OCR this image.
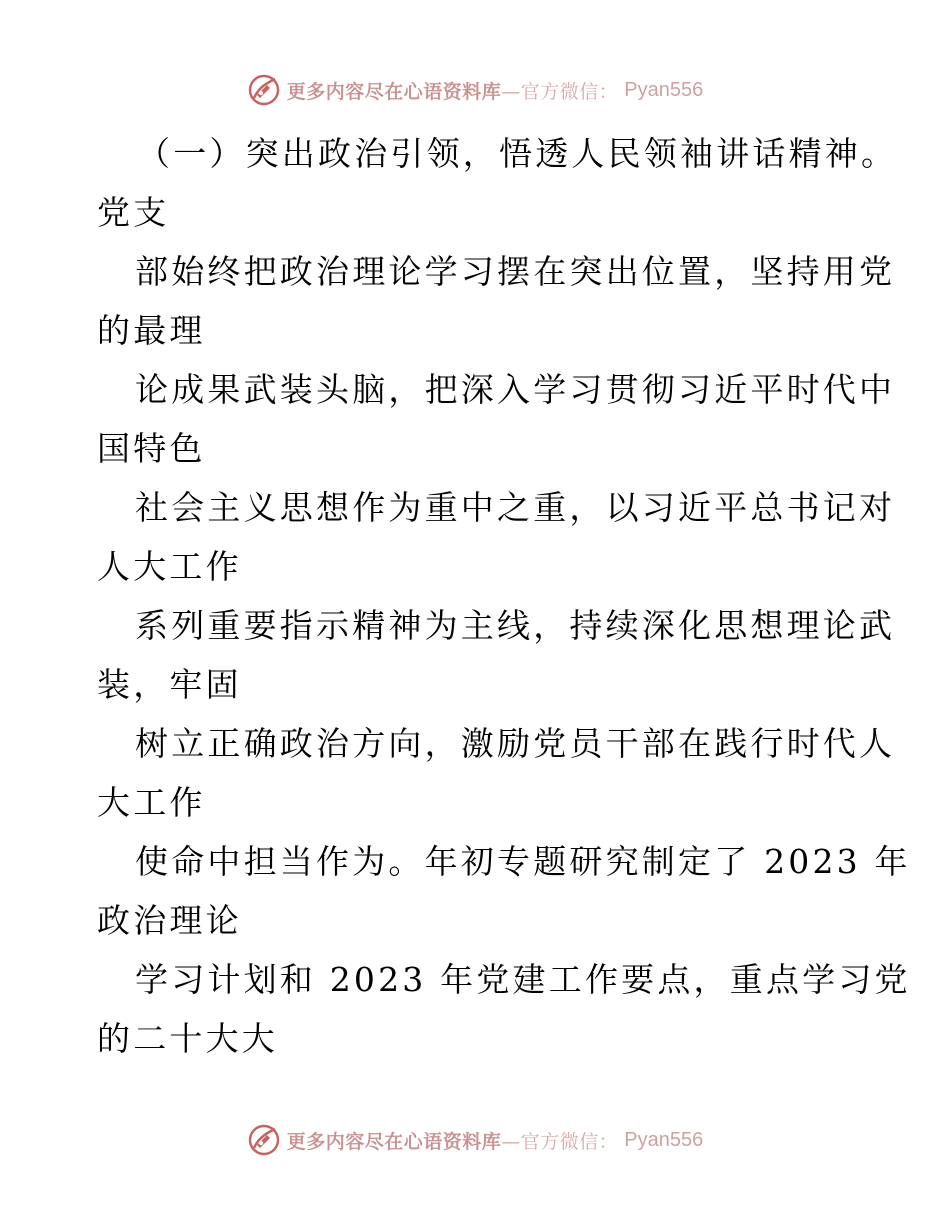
更多内容尽在心语资料库—官方微信： Pyan556
（一）突出政治引领，悟透人民领袖讲话精神。
党支
部始终把政治理论学习摆在突出位置，坚持用党
的最理
论成果武装头脑，把深入学习贯彻习近平时代中
国特色
社会主义思想作为重中之重，以习近平总书记对
人大工作
系列重要指示精神为主线，持续深化思想理论武
装，牢固
树立正确政治方向，激励党员干部在践行时代人
大工作
使命中担当作为。年初专题研究制定了 2023 年
政治理论
学习计划和 2023 年党建工作要点，重点学习党
的二十大大
更多内容尽在心语资料库—官方微信： Pyan556
